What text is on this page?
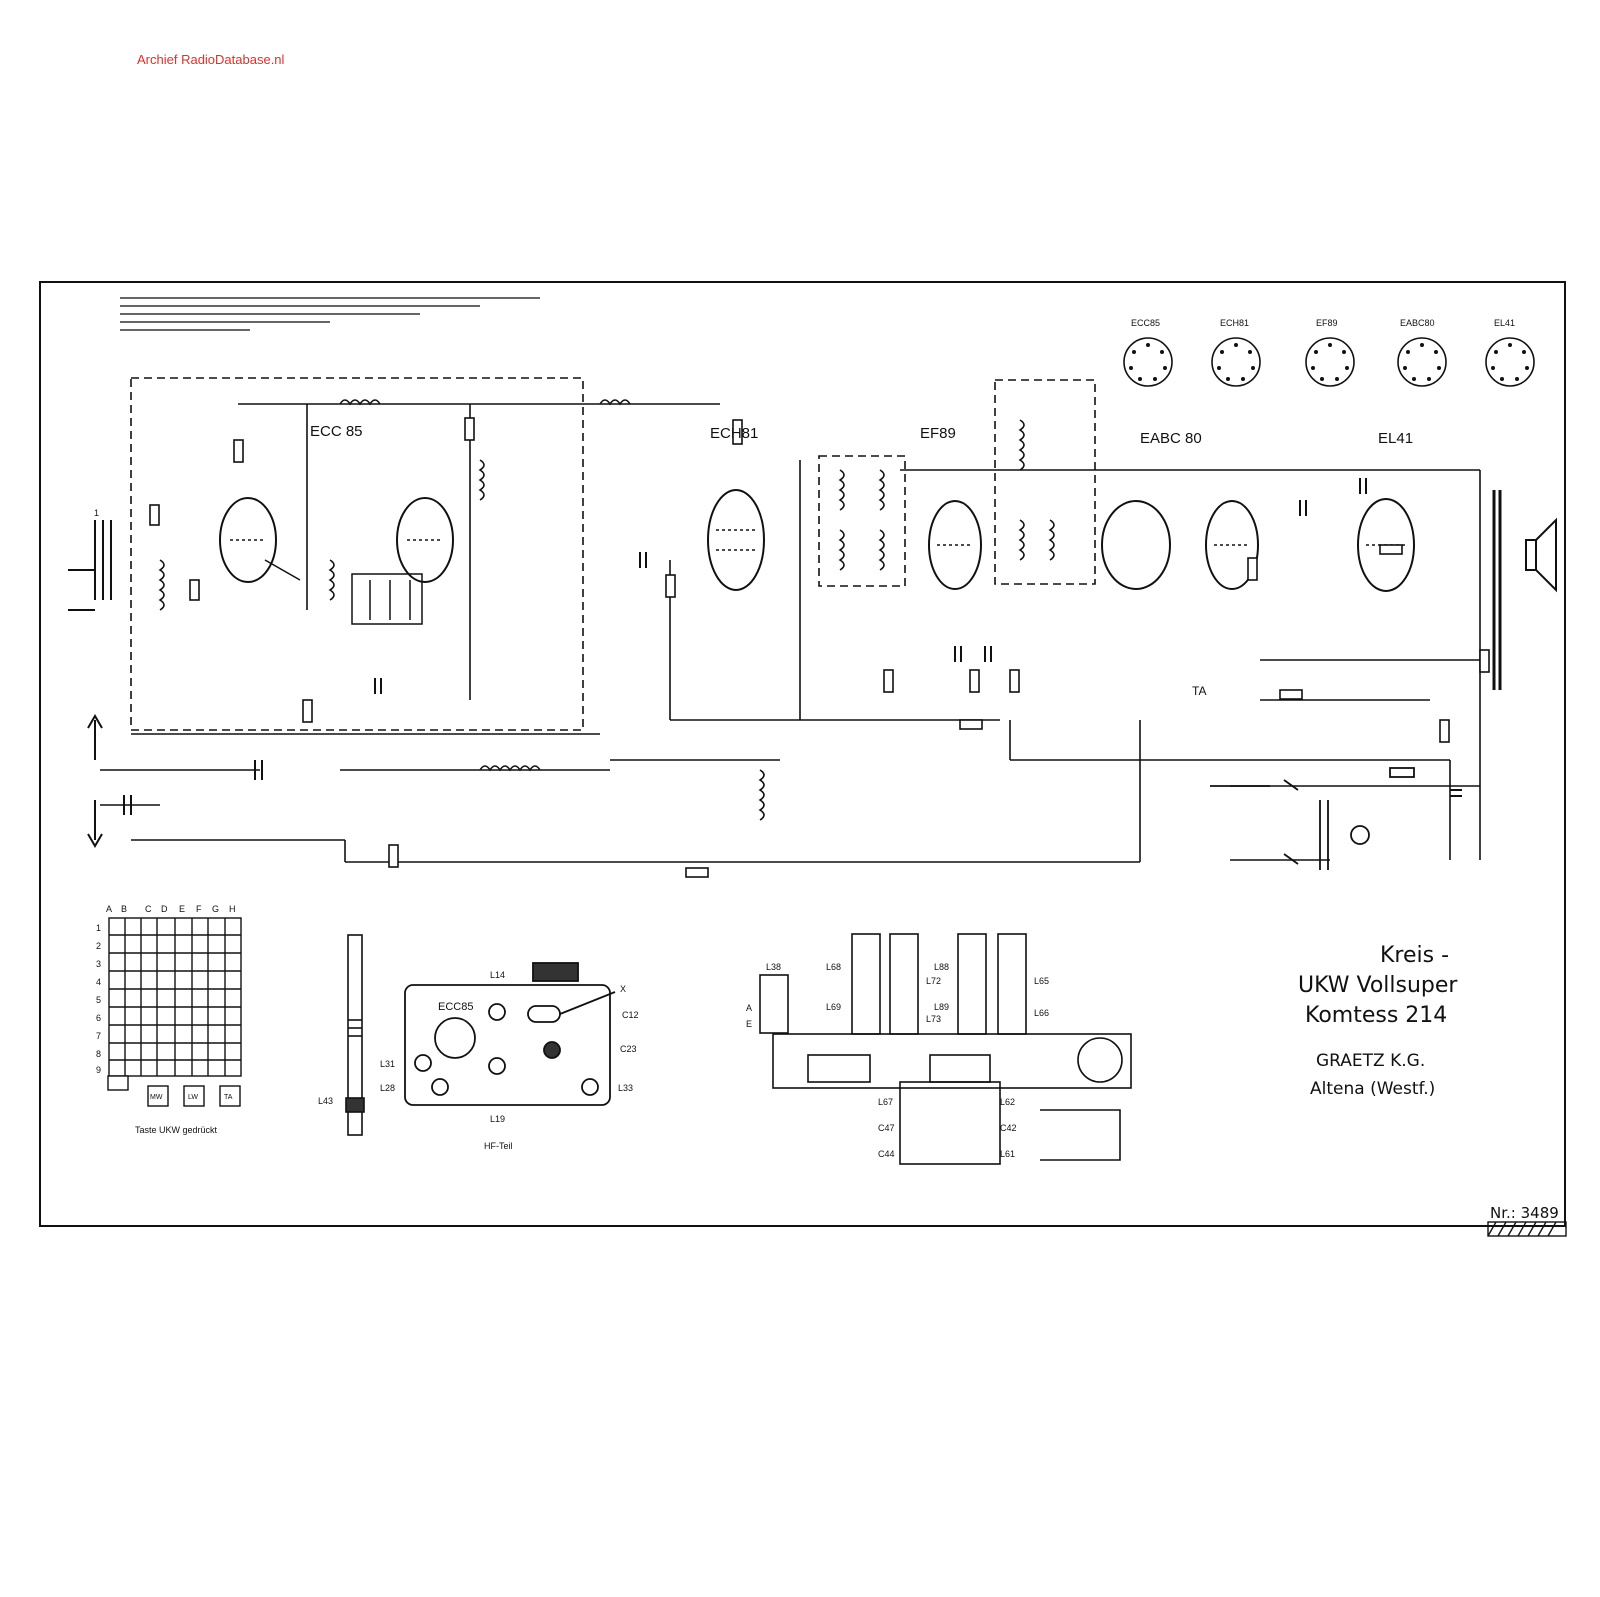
Archief RadioDatabase.nl
ECC 85	ECH81	EF89	EABC 80	EL41
ECC85	ECH81	EF89	EABC80	EL41
A B C D E F G H
1
2
3
4
5
6
7
8
9
MW	LW	TA
Taste UKW gedrückt
ECC85
L14
X
C12
C23
L31
L28
L19
L33
HF-Teil
L43
L38
A
E
L68
L69
L72
L73
L88
L89
L65
L66
L67
C47
C44
L62
C42
L61
TA
1
Kreis -
UKW Vollsuper
Komtess 214
GRAETZ K.G.
Altena (Westf.)
Nr.: 3489
